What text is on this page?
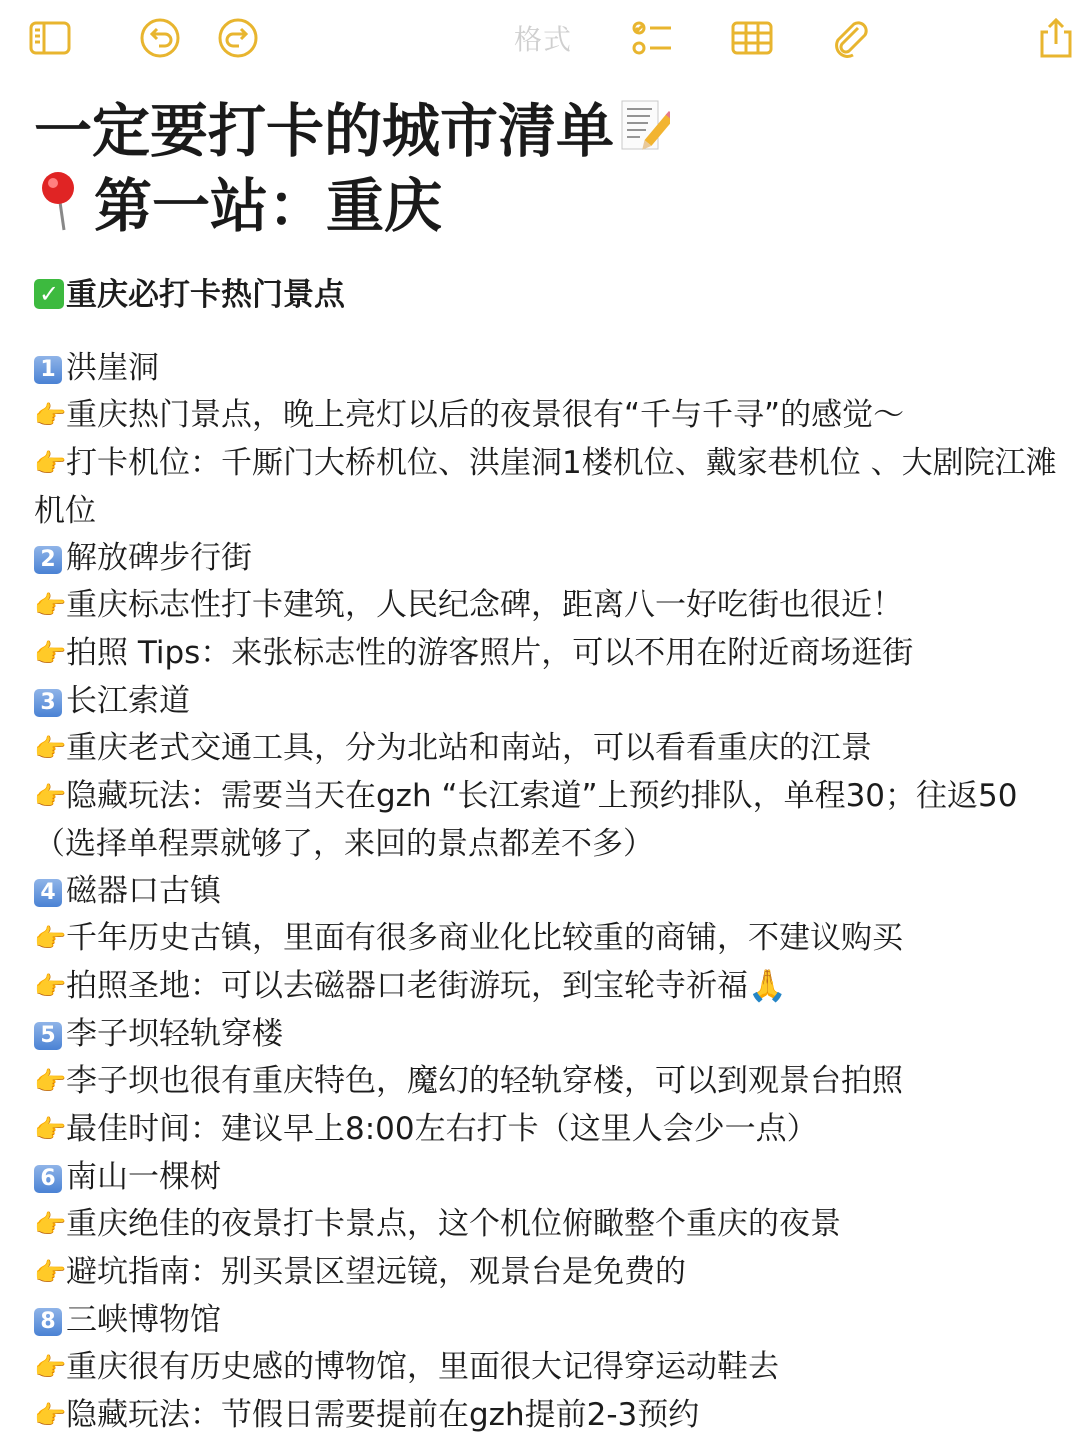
格式
一定要打卡的城市清单
第一站：重庆
✓ 重庆必打卡热门景点
1 洪崖洞
👉重庆热门景点，晚上亮灯以后的夜景很有“千与千寻”的感觉～
👉打卡机位：千厮门大桥机位、洪崖洞1楼机位、戴家巷机位 、大剧院江滩机位
2 解放碑步行街
👉重庆标志性打卡建筑，人民纪念碑，距离八一好吃街也很近！
👉拍照 Tips：来张标志性的游客照片，可以不用在附近商场逛街
3 长江索道
👉重庆老式交通工具，分为北站和南站，可以看看重庆的江景
👉隐藏玩法：需要当天在gzh “长江索道”上预约排队，单程30；往返50（选择单程票就够了，来回的景点都差不多）
4 磁器口古镇
👉千年历史古镇，里面有很多商业化比较重的商铺，不建议购买
👉拍照圣地：可以去磁器口老街游玩，到宝轮寺祈福🙏
5 李子坝轻轨穿楼
👉李子坝也很有重庆特色，魔幻的轻轨穿楼，可以到观景台拍照
👉最佳时间：建议早上8:00左右打卡（这里人会少一点）
6 南山一棵树
👉重庆绝佳的夜景打卡景点，这个机位俯瞰整个重庆的夜景
👉避坑指南：别买景区望远镜，观景台是免费的
8 三峡博物馆
👉重庆很有历史感的博物馆，里面很大记得穿运动鞋去
👉隐藏玩法：节假日需要提前在gzh提前2-3预约
